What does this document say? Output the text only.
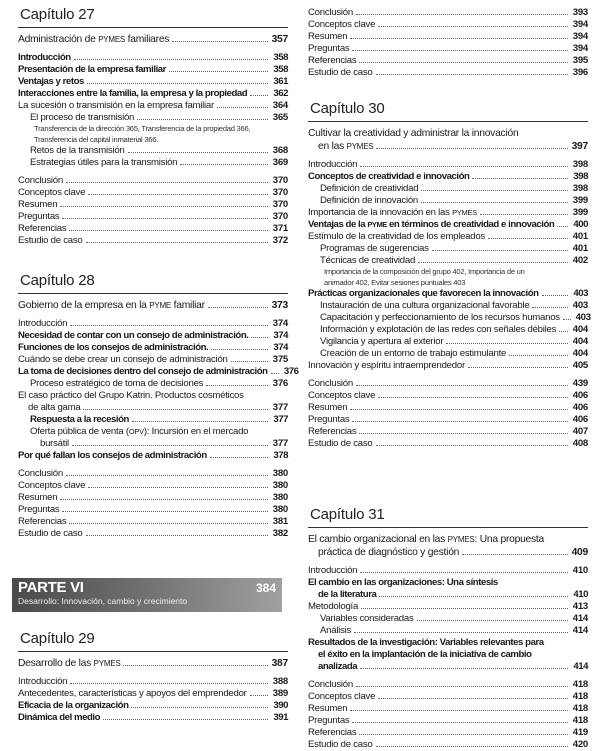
Capítulo 27
Administración de PYMES familiares	357
Introducción	358
Presentación de la empresa familiar	358
Ventajas y retos	361
Interacciones entre la familia, la empresa y la propiedad	362
La sucesión o transmisión en la empresa familiar	364
El proceso de transmisión	365
Transferencia de la dirección 365, Transferencia de la propiedad 366,
Transferencia del capital inmaterial 366.
Retos de la transmisión	368
Estrategias útiles para la transmisión	369
Conclusión	370
Conceptos clave	370
Resumen	370
Preguntas	370
Referencias	371
Estudio de caso	372
Capítulo 28
Gobierno de la empresa en la PYME familiar	373
Introducción	374
Necesidad de contar con un consejo de administración.	374
Funciones de los consejos de administración.	374
Cuándo se debe crear un consejo de administración	375
La toma de decisiones dentro del consejo de administración 376
Proceso estratégico de toma de decisiones	376
El caso práctico del Grupo Katrin. Productos cosméticos
de alta gama	377
Respuesta a la recesión	377
Oferta pública de venta (OPV): Incursión en el mercado
bursátil	377
Por qué fallan los consejos de administración	378
Conclusión	380
Conceptos clave	380
Resumen	380
Preguntas	380
Referencias	381
Estudio de caso	382
PARTE VI
Desarrollo: Innovación, cambio y crecimiento
384
Capítulo 29
Desarrollo de las PYMES	387
Introducción	388
Antecedentes, características y apoyos del emprendedor	389
Eficacia de la organización	390
Dinámica del medio	391
Conclusión	393
Conceptos clave	394
Resumen	394
Preguntas	394
Referencias	395
Estudio de caso	396
Capítulo 30
Cultivar la creatividad y administrar la innovación
en las PYMES	397
Introducción	398
Conceptos de creatividad e innovación	398
Definición de creatividad	398
Definición de innovación	399
Importancia de la innovación en las PYMES	399
Ventajas de la PYME en términos de creatividad e innovación 400
Estímulo de la creatividad de los empleados	401
Programas de sugerencias	401
Técnicas de creatividad	402
Importancia de la composición del grupo 402, Importancia de un
animador 402, Evitar sesiones puntuales 403
Prácticas organizacionales que favorecen la innovación	403
Instauración de una cultura organizacional favorable	403
Capacitación y perfeccionamiento de los recursos humanos 403
Información y explotación de las redes con señales débiles 404
Vigilancia y apertura al exterior	404
Creación de un entorno de trabajo estimulante	404
Innovación y espíritu intraemprendedor	405
Conclusión	439
Conceptos clave	406
Resumen	406
Preguntas	406
Referencias	407
Estudio de caso	408
Capítulo 31
El cambio organizacional en las PYMES: Una propuesta
práctica de diagnóstico y gestión	409
Introducción	410
El cambio en las organizaciones: Una síntesis
de la literatura	410
Metodología	413
Variables consideradas	414
Análisis	414
Resultados de la investigación: Variables relevantes para
el éxito en la implantación de la iniciativa de cambio
analizada	414
Conclusión	418
Conceptos clave	418
Resumen	418
Preguntas	418
Referencias	419
Estudio de caso	420
